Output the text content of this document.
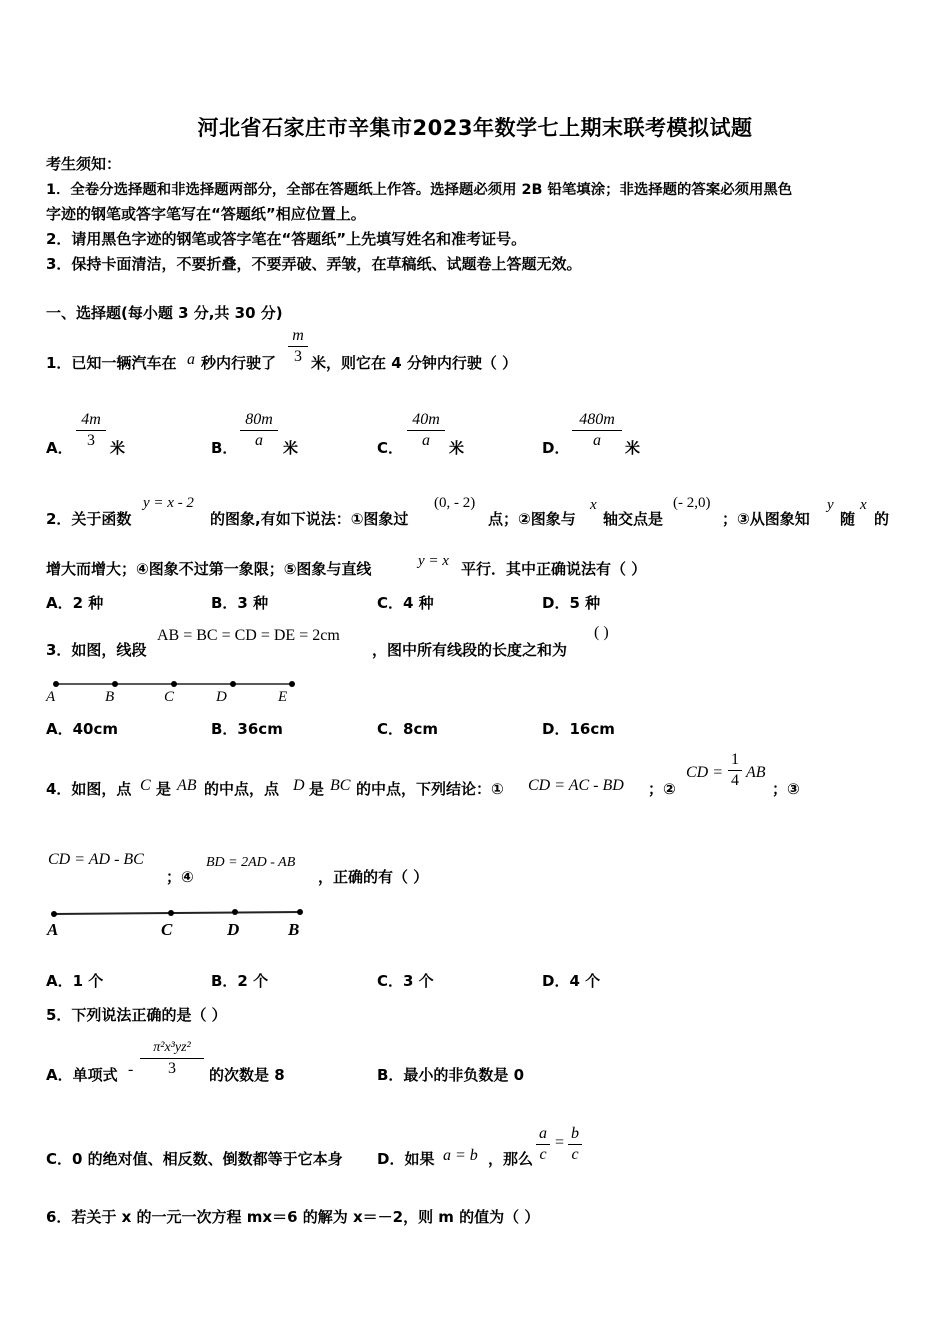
河北省石家庄市辛集市2023年数学七上期末联考模拟试题
考生须知：
1．全卷分选择题和非选择题两部分，全部在答题纸上作答。选择题必须用 2B 铅笔填涂；非选择题的答案必须用黑色
字迹的钢笔或答字笔写在“答题纸”相应位置上。
2．请用黑色字迹的钢笔或答字笔在“答题纸”上先填写姓名和准考证号。
3．保持卡面清洁，不要折叠，不要弄破、弄皱，在草稿纸、试题卷上答题无效。
一、选择题(每小题 3 分,共 30 分)
1．已知一辆汽车在 a 秒内行驶了
m
3 米，则它在 4 分钟内行驶（ ）
A．
4m
3	米	B．
80m
a	米	C．
40m
a	米	D．
480m
a	米
2．关于函数
y = x - 2
的图象,有如下说法：①图象过
(0, - 2)
点；②图象与
x
轴交点是
(- 2,0)
；③从图象知
y
随
x
的
增大而增大；④图象不过第一象限；⑤图象与直线	y = x 平行．其中正确说法有（ ）
A．2 种	B．3 种	C．4 种	D．5 种
3．如图，线段
AB = BC = CD = DE = 2cm
，图中所有线段的长度之和为
( )
A	B	C	D	E
A．40cm	B．36cm	C．8cm	D．16cm
4．如图，点 C 是 AB 的中点，点 D 是 BC 的中点，下列结论：① CD = AC - BD ；②
CD =
1
4 AB
；③
CD = AD - BC
；④
BD = 2AD - AB
，正确的有（ ）
A	C	D	B
A．1 个	B．2 个	C．3 个	D．4 个
5．下列说法正确的是（ ）
A．单项式 -
π²x³yz²
3	的次数是 8	B．最小的非负数是 0
C．0 的绝对值、相反数、倒数都等于它本身 D．如果 a = b ，那么
a
c
=
b
c
6．若关于 x 的一元一次方程 mx＝6 的解为 x＝－2，则 m 的值为（ ）
